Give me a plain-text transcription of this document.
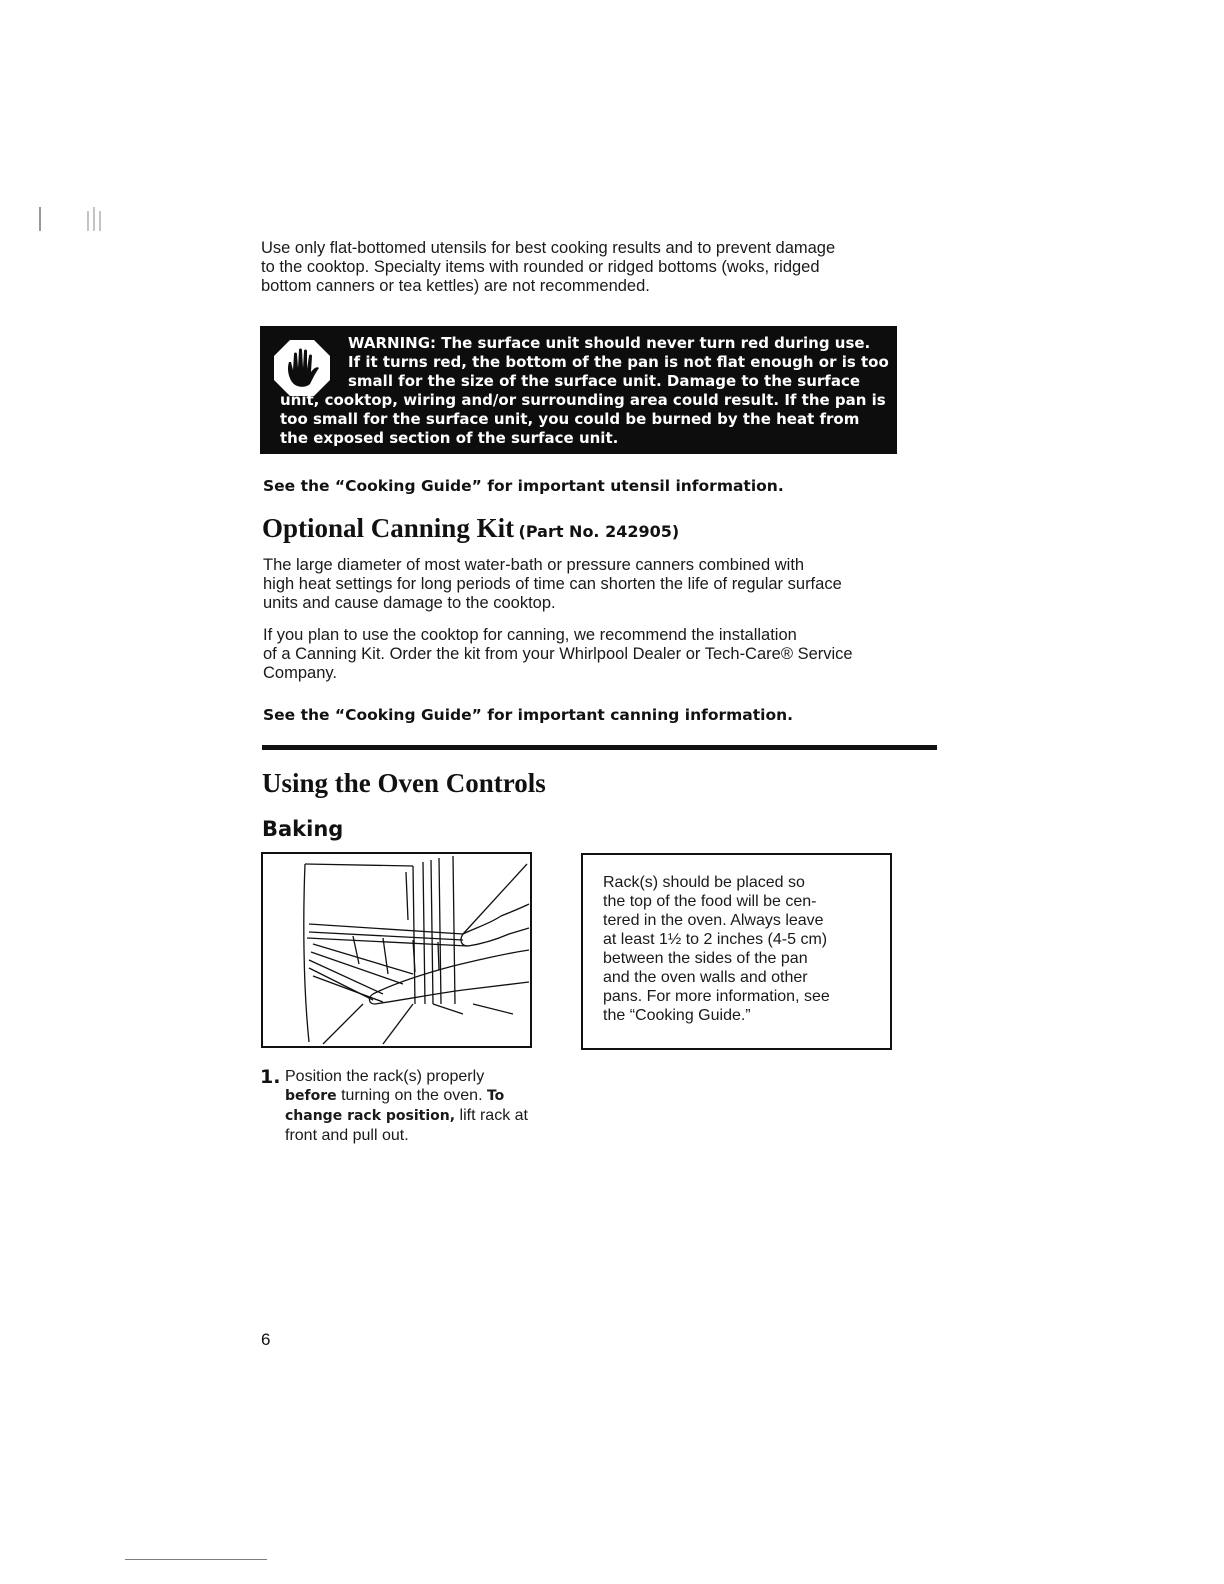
Use only flat-bottomed utensils for best cooking results and to prevent damage

to the cooktop. Specialty items with rounded or ridged bottoms (woks, ridged

bottom canners or tea kettles) are not recommended.

WARNING: The surface unit should never turn red during use.
If it turns red, the bottom of the pan is not flat enough or is too
small for the size of the surface unit. Damage to the surface
unit, cooktop, wiring and/or surrounding area could result. If the pan is
too small for the surface unit, you could be burned by the heat from
the exposed section of the surface unit.

See the “Cooking Guide” for important utensil information.

Optional Canning Kit (Part No. 242905)

The large diameter of most water-bath or pressure canners combined with

high heat settings for long periods of time can shorten the life of regular surface

units and cause damage to the cooktop.

If you plan to use the cooktop for canning, we recommend the installation

of a Canning Kit. Order the kit from your Whirlpool Dealer or Tech-Care® Service

Company.

See the “Cooking Guide” for important canning information.

Using the Oven Controls
Baking

Rack(s) should be placed so

the top of the food will be cen-

tered in the oven. Always leave

at least 1½ to 2 inches (4-5 cm)

between the sides of the pan

and the oven walls and other

pans. For more information, see

the “Cooking Guide.”

1. Position the rack(s) properly

before turning on the oven. To

change rack position, lift rack at

front and pull out.

6
